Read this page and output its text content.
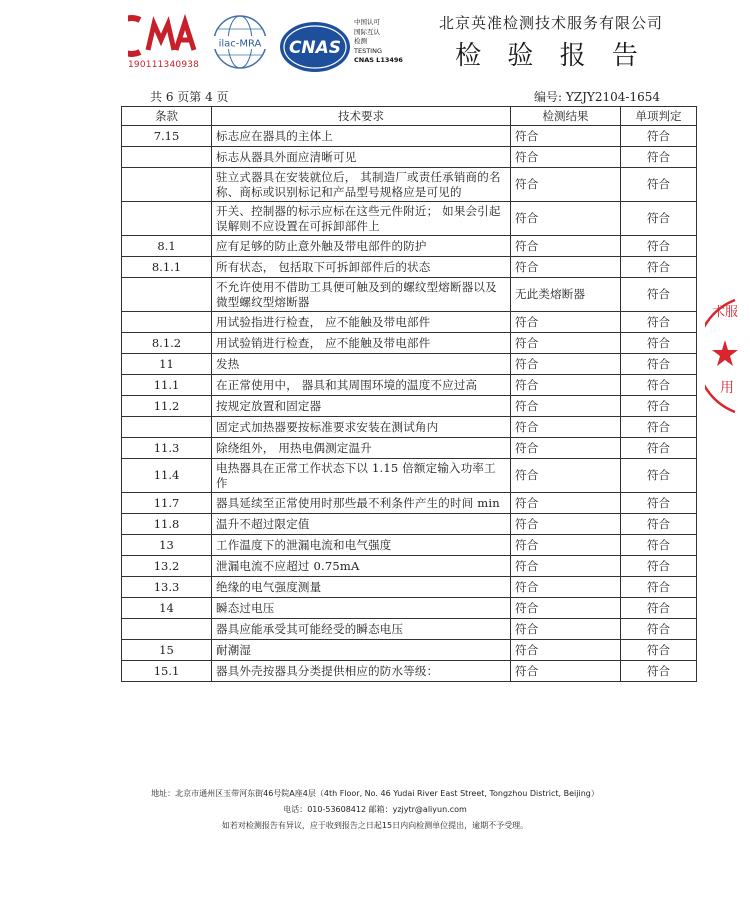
190111340938
ilac-MRA CNAS
中国认可
国际互认
检测
TESTING
CNAS L13496
北京英准检测技术服务有限公司
检 验 报 告
共 6 页第 4 页	编号: YZJY2104-1654
条款	技术要求	检测结果	单项判定
7.15	标志应在器具的主体上	符合	符合
	标志从器具外面应清晰可见	符合	符合
	驻立式器具在安装就位后， 其制造厂或责任承销商的名称、商标或识别标记和产品型号规格应是可见的	符合	符合
	开关、控制器的标示应标在这些元件附近； 如果会引起误解则不应设置在可拆卸部件上	符合	符合
8.1	应有足够的防止意外触及带电部件的防护	符合	符合
8.1.1	所有状态， 包括取下可拆卸部件后的状态	符合	符合
	不允许使用不借助工具便可触及到的螺纹型熔断器以及微型螺纹型熔断器	无此类熔断器	符合
	用试验指进行检查， 应不能触及带电部件	符合	符合
8.1.2	用试验销进行检查， 应不能触及带电部件	符合	符合
11	发热	符合	符合
11.1	在正常使用中， 器具和其周围环境的温度不应过高	符合	符合
11.2	按规定放置和固定器	符合	符合
	固定式加热器要按标准要求安装在测试角内	符合	符合
11.3	除绕组外， 用热电偶测定温升	符合	符合
11.4	电热器具在正常工作状态下以 1.15 倍额定输入功率工作	符合	符合
11.7	器具延续至正常使用时那些最不利条件产生的时间 min	符合	符合
11.8	温升不超过限定值	符合	符合
13	工作温度下的泄漏电流和电气强度	符合	符合
13.2	泄漏电流不应超过 0.75mA	符合	符合
13.3	绝缘的电气强度测量	符合	符合
14	瞬态过电压	符合	符合
	器具应能承受其可能经受的瞬态电压	符合	符合
15	耐潮湿	符合	符合
15.1	器具外壳按器具分类提供相应的防水等级：	符合	符合
术服
用
地址：北京市通州区玉带河东街46号院A座4层（4th Floor, No. 46 Yudai River East Street, Tongzhou District, Beijing）
电话：010-53608412 邮箱：yzjytr@aliyun.com
如若对检测报告有异议，应于收到报告之日起15日内向检测单位提出，逾期不予受理。
